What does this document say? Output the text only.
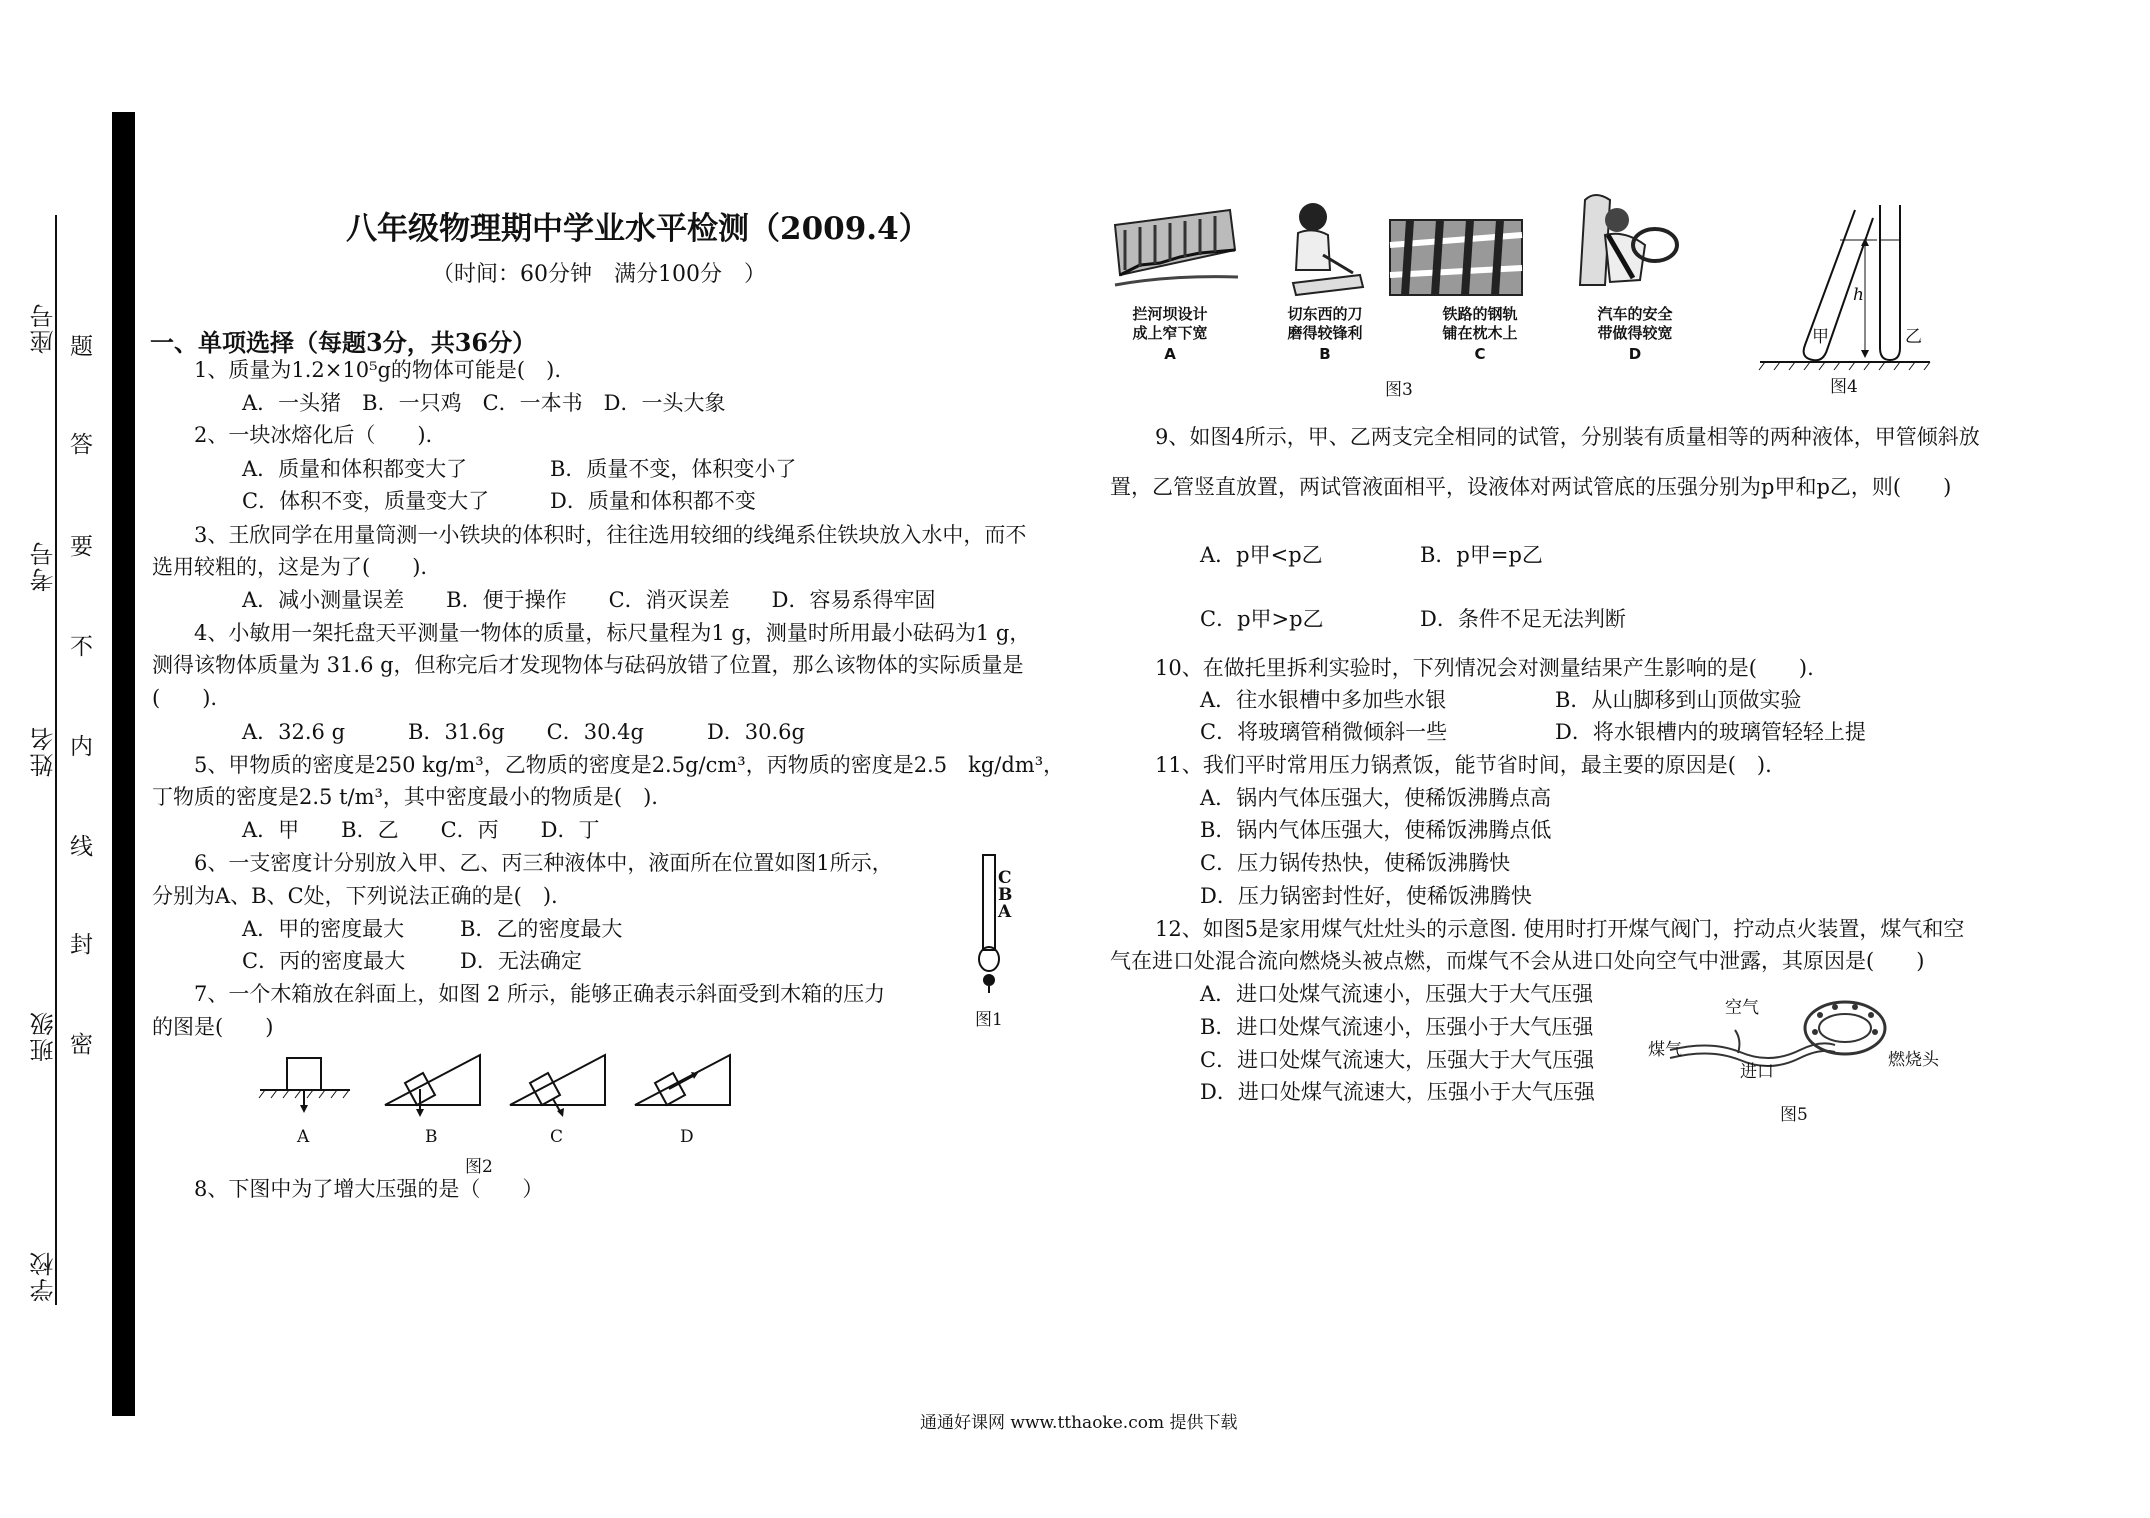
座号
考号
姓名
班级
学校
题
答
要
不
内
线
封
密
八年级物理期中学业水平检测（2009.4）
（时间：60分钟　满分100分　）
一、单项选择（每题3分，共36分）
1、质量为1.2×10⁵g的物体可能是(　).
A．一头猪　B．一只鸡　C．一本书　D．一头大象
2、一块冰熔化后（　　).
A．质量和体积都变大了	B．质量不变，体积变小了
C．体积不变，质量变大了	D．质量和体积都不变
3、王欣同学在用量筒测一小铁块的体积时，往往选用较细的线绳系住铁块放入水中，而不
选用较粗的，这是为了(　　).
A．减小测量误差　　B．便于操作　　C．消灭误差　　D．容易系得牢固
4、小敏用一架托盘天平测量一物体的质量，标尺量程为1 g，测量时所用最小砝码为1 g，
测得该物体质量为 31.6 g，但称完后才发现物体与砝码放错了位置，那么该物体的实际质量是
(　　).
A．32.6 g　　　B．31.6g　　C．30.4g　　　D．30.6g
5、甲物质的密度是250 kg/m³，乙物质的密度是2.5g/cm³，丙物质的密度是2.5　kg/dm³，
丁物质的密度是2.5 t/m³，其中密度最小的物质是(　).
A．甲　　B．乙　　C．丙　　D．丁
6、一支密度计分别放入甲、乙、丙三种液体中，液面所在位置如图1所示，
分别为A、B、C处，下列说法正确的是(　).
A．甲的密度最大	B．乙的密度最大
C．丙的密度最大	D．无法确定
7、一个木箱放在斜面上，如图 2 所示，能够正确表示斜面受到木箱的压力
的图是(　　)
8、下图中为了增大压强的是（　　）
C
B
A
图1
A	B	C	D
图2
拦河坝设计
成上窄下宽
切东西的刀
磨得较锋利
铁路的钢轨
铺在枕木上
汽车的安全
带做得较宽
A	B	C	D
图3
甲	乙
h
图4
9、如图4所示，甲、乙两支完全相同的试管，分别装有质量相等的两种液体，甲管倾斜放
置，乙管竖直放置，两试管液面相平，设液体对两试管底的压强分别为p甲和p乙，则(　　)
A．p甲<p乙	B．p甲=p乙
C．p甲>p乙	D．条件不足无法判断
10、在做托里拆利实验时，下列情况会对测量结果产生影响的是(　　).
A．往水银槽中多加些水银	B．从山脚移到山顶做实验
C．将玻璃管稍微倾斜一些	D．将水银槽内的玻璃管轻轻上提
11、我们平时常用压力锅煮饭，能节省时间，最主要的原因是(　).
A．锅内气体压强大，使稀饭沸腾点高
B．锅内气体压强大，使稀饭沸腾点低
C．压力锅传热快，使稀饭沸腾快
D．压力锅密封性好，使稀饭沸腾快
12、如图5是家用煤气灶灶头的示意图. 使用时打开煤气阀门，拧动点火装置，煤气和空
气在进口处混合流向燃烧头被点燃，而煤气不会从进口处向空气中泄露，其原因是(　　)
A．进口处煤气流速小，压强大于大气压强
B．进口处煤气流速小，压强小于大气压强
C．进口处煤气流速大，压强大于大气压强
D．进口处煤气流速大，压强小于大气压强
空气
煤气
进口
燃烧头
图5
通通好课网 www.tthaoke.com 提供下载
